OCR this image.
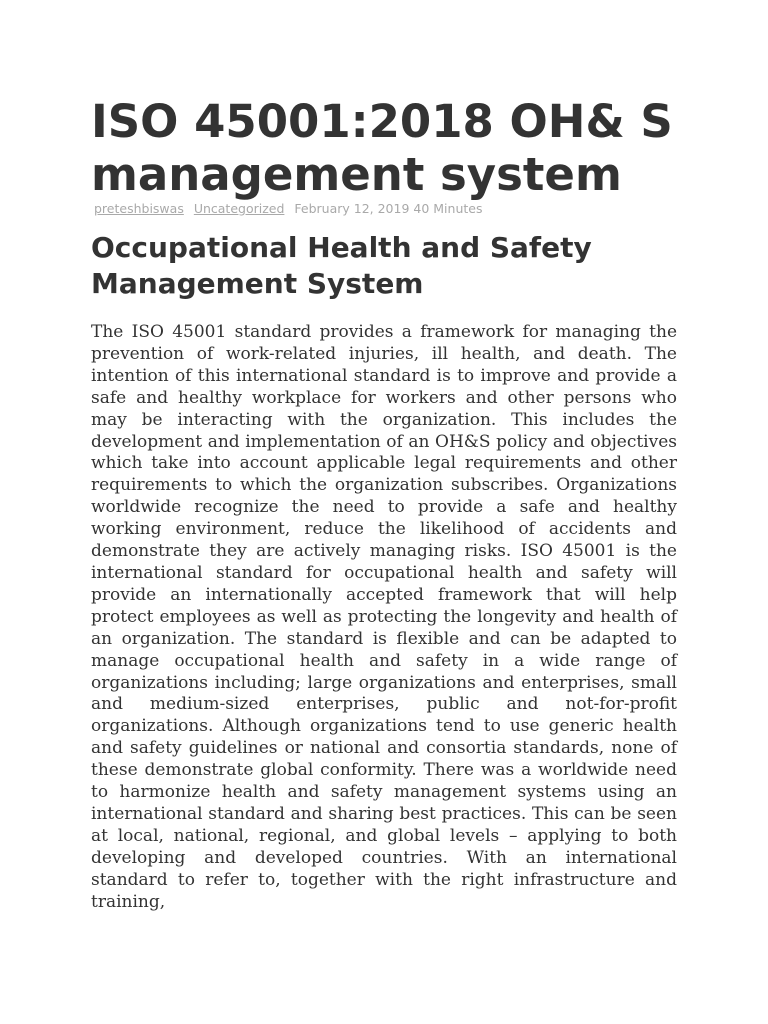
ISO 45001:2018 OH& S management system
preteshbiswas Uncategorized February 12, 2019 40 Minutes
Occupational Health and Safety Management System

The ISO 45001 standard provides a framework for managing the prevention of work-related injuries, ill health, and death. The intention of this international standard is to improve and provide a safe and healthy workplace for workers and other persons who may be interacting with the organization. This includes the development and implementation of an OH&S policy and objectives which take into account applicable legal requirements and other requirements to which the organization subscribes. Organizations worldwide recognize the need to provide a safe and healthy working environment, reduce the likelihood of accidents and demonstrate they are actively managing risks. ISO 45001 is the international standard for occupational health and safety will provide an internationally accepted framework that will help protect employees as well as protecting the longevity and health of an organization. The standard is flexible and can be adapted to manage occupational health and safety in a wide range of organizations including; large organizations and enterprises, small and medium-sized enterprises, public and not-for-profit organizations. Although organizations tend to use generic health and safety guidelines or national and consortia standards, none of these demonstrate global conformity. There was a worldwide need to harmonize health and safety management systems using an international standard and sharing best practices. This can be seen at local, national, regional, and global levels – applying to both developing and developed countries. With an international standard to refer to, together with the right infrastructure and training,
